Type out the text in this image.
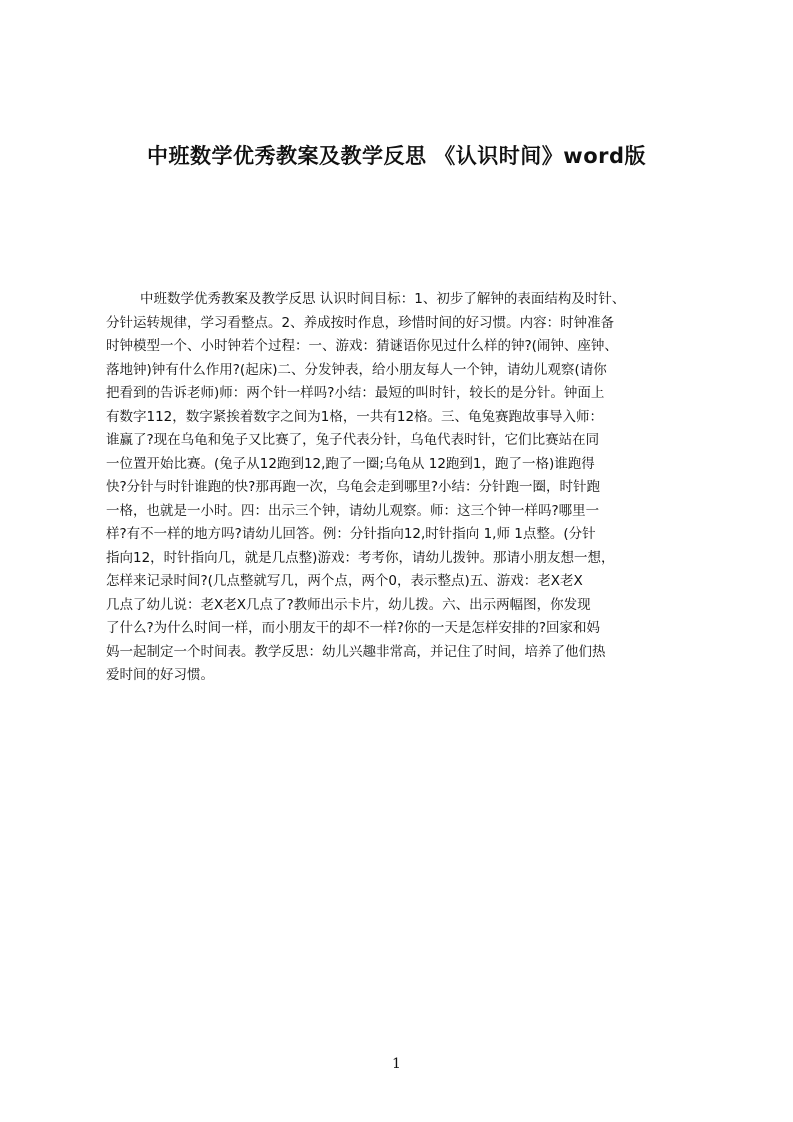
中班数学优秀教案及教学反思 《认识时间》word版
中班数学优秀教案及教学反思 认识时间目标：1、初步了解钟的表面结构及时针、
分针运转规律，学习看整点。2、养成按时作息，珍惜时间的好习惯。内容：时钟准备
时钟模型一个、小时钟若个过程：一、游戏：猜谜语你见过什么样的钟?(闹钟、座钟、
落地钟)钟有什么作用?(起床)二、分发钟表，给小朋友每人一个钟，请幼儿观察(请你
把看到的告诉老师)师：两个针一样吗?小结：最短的叫时针，较长的是分针。钟面上
有数字112，数字紧挨着数字之间为1格，一共有12格。三、龟兔赛跑故事导入师：
谁赢了?现在乌龟和兔子又比赛了，兔子代表分针，乌龟代表时针，它们比赛站在同
一位置开始比赛。(兔子从12跑到12,跑了一圈;乌龟从 12跑到1，跑了一格)谁跑得
快?分针与时针谁跑的快?那再跑一次，乌龟会走到哪里?小结：分针跑一圈，时针跑
一格，也就是一小时。四：出示三个钟，请幼儿观察。师：这三个钟一样吗?哪里一
样?有不一样的地方吗?请幼儿回答。例：分针指向12,时针指向 1,师 1点整。(分针
指向12，时针指向几，就是几点整)游戏：考考你，请幼儿拨钟。那请小朋友想一想，
怎样来记录时间?(几点整就写几，两个点，两个0，表示整点)五、游戏：老X老X
几点了幼儿说：老X老X几点了?教师出示卡片，幼儿拨。六、出示两幅图，你发现
了什么?为什么时间一样，而小朋友干的却不一样?你的一天是怎样安排的?回家和妈
妈一起制定一个时间表。教学反思：幼儿兴趣非常高，并记住了时间，培养了他们热
爱时间的好习惯。
1
